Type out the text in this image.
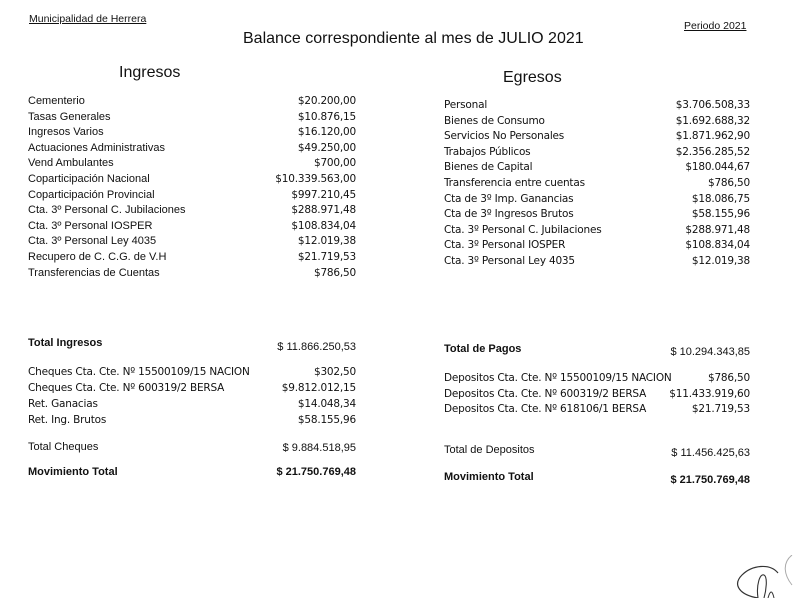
Municipalidad de Herrera
Periodo 2021
Balance correspondiente al mes de JULIO 2021
Ingresos	Egresos
Cementerio	$20.200,00
Tasas Generales	$10.876,15
Ingresos Varios	$16.120,00
Actuaciones Administrativas	$49.250,00
Vend Ambulantes	$700,00
Coparticipación Nacional	$10.339.563,00
Coparticipación Provincial	$997.210,45
Cta. 3º Personal C. Jubilaciones	$288.971,48
Cta. 3º Personal IOSPER	$108.834,04
Cta. 3º Personal Ley 4035	$12.019,38
Recupero de C. C.G. de V.H	$21.719,53
Transferencias de Cuentas	$786,50
Personal	$3.706.508,33
Bienes de Consumo	$1.692.688,32
Servicios No Personales	$1.871.962,90
Trabajos Públicos	$2.356.285,52
Bienes de Capital	$180.044,67
Transferencia entre cuentas	$786,50
Cta de 3º Imp. Ganancias	$18.086,75
Cta de 3º Ingresos Brutos	$58.155,96
Cta. 3º Personal C. Jubilaciones	$288.971,48
Cta. 3º Personal IOSPER	$108.834,04
Cta. 3º Personal Ley 4035	$12.019,38
Total Ingresos	$ 11.866.250,53
Cheques Cta. Cte. Nº 15500109/15 NACION	$302,50
Cheques Cta. Cte. Nº 600319/2 BERSA	$9.812.012,15
Ret. Ganacias	$14.048,34
Ret. Ing. Brutos	$58.155,96
Total Cheques	$ 9.884.518,95
Movimiento Total	$ 21.750.769,48
Total de Pagos	$ 10.294.343,85
Depositos Cta. Cte. Nº 15500109/15 NACION	$786,50
Depositos Cta. Cte. Nº 600319/2 BERSA $11.433.919,60
Depositos Cta. Cte. Nº 618106/1 BERSA	$21.719,53
Total de Depositos	$ 11.456.425,63
Movimiento Total	$ 21.750.769,48
